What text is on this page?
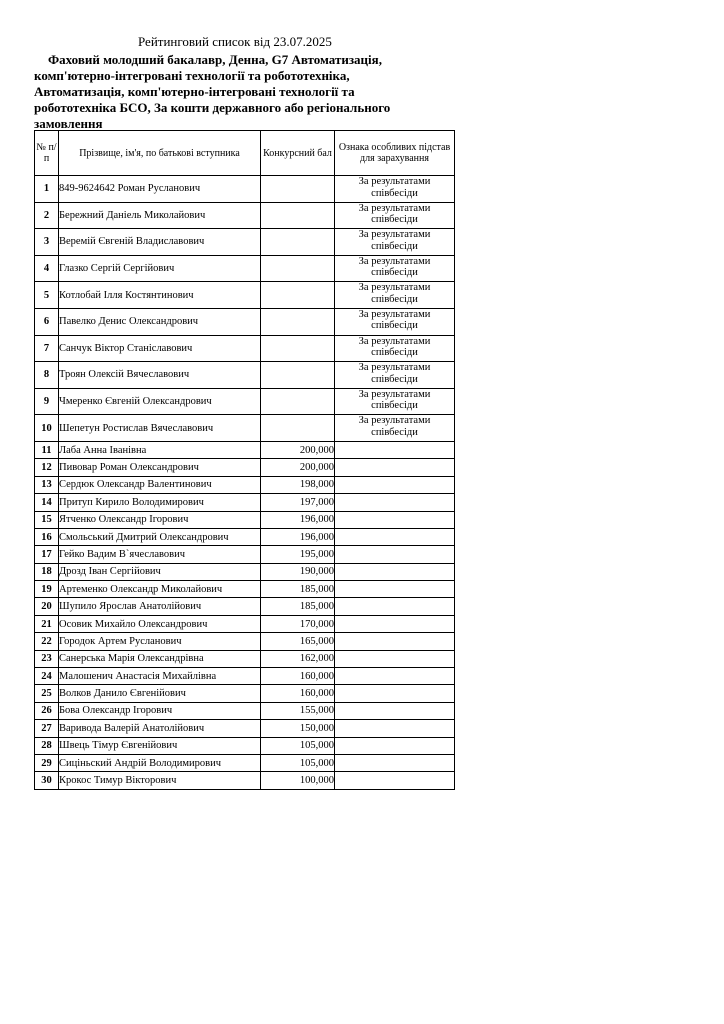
Рейтинговий список від 23.07.2025
Фаховий молодший бакалавр, Денна, G7 Автоматизація,
комп'ютерно-інтегровані технології та робототехніка,
Автоматизація, комп'ютерно-інтегровані технології та
робототехніка БСО, За кошти державного або регіонального
замовлення
№ п/п	Прізвище, ім'я, по батькові вступника	Конкурсний бал	Ознака особливих підстав для зарахування
1	849-9624642 Роман Русланович		За результатами співбесіди
2	Бережний Даніель Миколайович		За результатами співбесіди
3	Веремій Євгеній Владиславович		За результатами співбесіди
4	Глазко Сергій Сергійович		За результатами співбесіди
5	Котлобай Ілля Костянтинович		За результатами співбесіди
6	Павелко Денис Олександрович		За результатами співбесіди
7	Санчук Віктор Станіславович		За результатами співбесіди
8	Троян Олексій Вячеславович		За результатами співбесіди
9	Чмеренко Євгеній Олександрович		За результатами співбесіди
10	Шепетун Ростислав Вячеславович		За результатами співбесіди
11	Лаба Анна Іванівна	200,000	
12	Пивовар Роман Олександрович	200,000	
13	Сердюк Олександр Валентинович	198,000	
14	Притуп Кирило Володимирович	197,000	
15	Ятченко Олександр Ігорович	196,000	
16	Смольський Дмитрий Олександрович	196,000	
17	Гейко Вадим В`ячеславович	195,000	
18	Дрозд Іван Сергійович	190,000	
19	Артеменко Олександр Миколайович	185,000	
20	Шупило Ярослав Анатолійович	185,000	
21	Осовик Михайло Олександрович	170,000	
22	Городок Артем Русланович	165,000	
23	Санерська Марія Олександрівна	162,000	
24	Малошенич Анастасія Михайлівна	160,000	
25	Волков Данило Євгенійович	160,000	
26	Бова Олександр Ігорович	155,000	
27	Варивода Валерій Анатолійович	150,000	
28	Швець Тімур Євгенійович	105,000	
29	Сиціньский Андрій Володимирович	105,000	
30	Крокос Тимур Вікторович	100,000	
